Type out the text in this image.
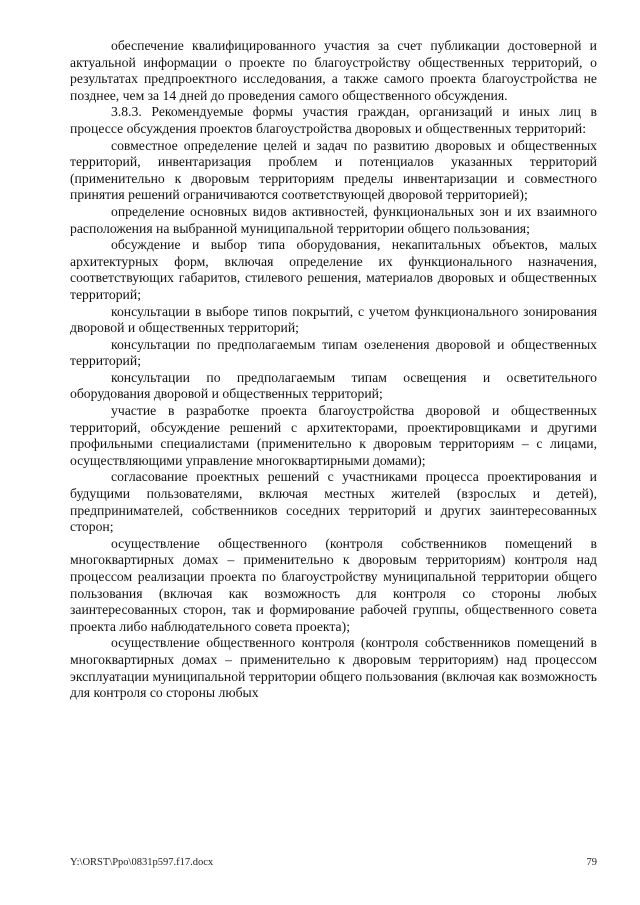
обеспечение квалифицированного участия за счет публикации достоверной и актуальной информации о проекте по благоустройству общественных территорий, о результатах предпроектного исследования, а также самого проекта благоустройства не позднее, чем за 14 дней до проведения самого общественного обсуждения.

3.8.3. Рекомендуемые формы участия граждан, организаций и иных лиц в процессе обсуждения проектов благоустройства дворовых и общественных территорий:

совместное определение целей и задач по развитию дворовых и общественных территорий, инвентаризация проблем и потенциалов указанных территорий (применительно к дворовым территориям пределы инвентаризации и совместного принятия решений ограничиваются соответствующей дворовой территорией);

определение основных видов активностей, функциональных зон и их взаимного расположения на выбранной муниципальной территории общего пользования;

обсуждение и выбор типа оборудования, некапитальных объектов, малых архитектурных форм, включая определение их функционального назначения, соответствующих габаритов, стилевого решения, материалов дворовых и общественных территорий;

консультации в выборе типов покрытий, с учетом функционального зонирования дворовой и общественных территорий;

консультации по предполагаемым типам озеленения дворовой и общественных территорий;

консультации по предполагаемым типам освещения и осветительного оборудования дворовой и общественных территорий;

участие в разработке проекта благоустройства дворовой и общественных территорий, обсуждение решений с архитекторами, проектировщиками и другими профильными специалистами (применительно к дворовым территориям – с лицами, осуществляющими управление многоквартирными домами);

согласование проектных решений с участниками процесса проектирования и будущими пользователями, включая местных жителей (взрослых и детей), предпринимателей, собственников соседних территорий и других заинтересованных сторон;

осуществление общественного (контроля собственников помещений в многоквартирных домах – применительно к дворовым территориям) контроля над процессом реализации проекта по благоустройству муниципальной территории общего пользования (включая как возможность для контроля со стороны любых заинтересованных сторон, так и формирование рабочей группы, общественного совета проекта либо наблюдательного совета проекта);

осуществление общественного контроля (контроля собственников помещений в многоквартирных домах – применительно к дворовым территориям) над процессом эксплуатации муниципальной территории общего пользования (включая как возможность для контроля со стороны любых

Y:\ORST\Ppo\0831p597.f17.docx	79
